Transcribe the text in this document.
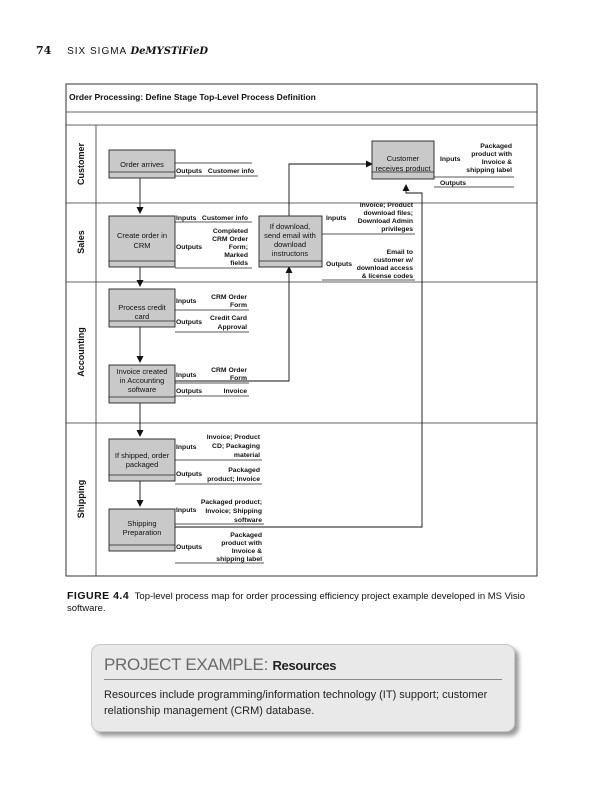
74 SIX SIGMA DeMYSTiFieD
Order Processing: Define Stage Top-Level Process Definition
Customer
Sales
Accounting
Shipping
Order arrives
Customer
receives product
Create order in
CRM
If download,
send email with
download
instructons
Process credit
card
Invoice created
in Accounting
software
If shipped, order
packaged
Shipping
Preparation
Outputs
Inputs
Outputs
Inputs
Outputs
Inputs
Outputs
Inputs
Outputs
Inputs
Outputs
Inputs
Outputs
Inputs
Outputs
Customer info
Packaged
product with
Invoice &
shipping label
Customer info
Completed
CRM Order
Form;
Marked
fields
Invoice; Product
download files;
Download Admin
privileges
Email to
customer w/
download access
& license codes
CRM Order
Form
Credit Card
Approval
CRM Order
Form
Invoice
Invoice; Product
CD; Packaging
material
Packaged
product; Invoice
Packaged product;
Invoice; Shipping
software
Packaged
product with
Invoice &
shipping label
FIGURE 4.4 Top-level process map for order processing efficiency project example developed in MS Visio software.
PROJECT EXAMPLE: Resources
Resources include programming/information technology (IT) support; customer relationship management (CRM) database.
